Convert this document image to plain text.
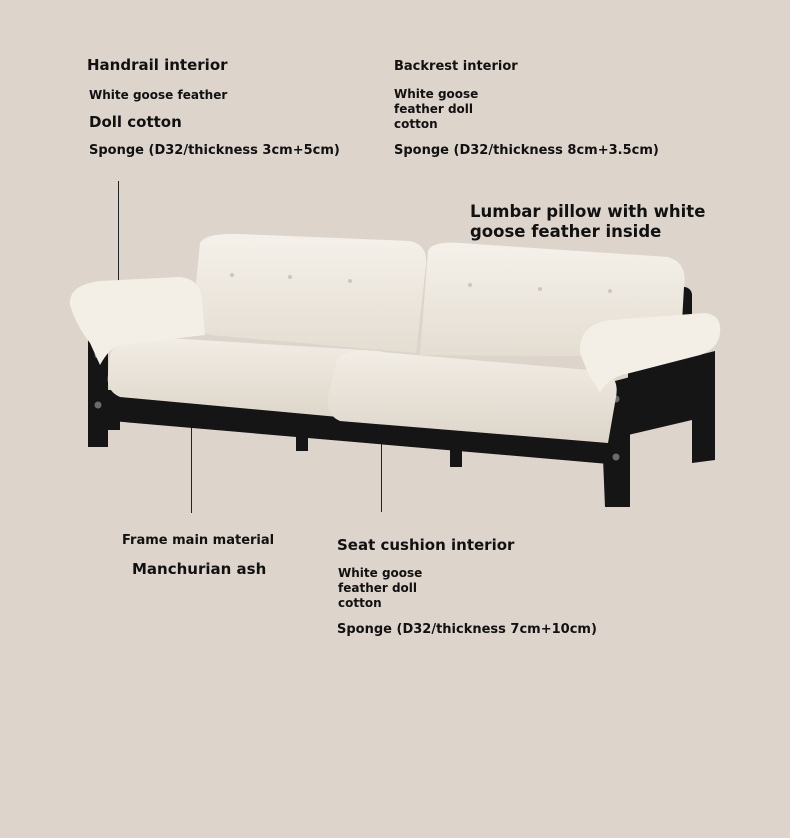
Handrail interior
White goose feather
Doll cotton
Sponge (D32/thickness 3cm+5cm)
Backrest interior
White goose
feather doll
cotton
Sponge (D32/thickness 8cm+3.5cm)
Lumbar pillow with white
goose feather inside
Frame main material
Manchurian ash
Seat cushion interior
White goose
feather doll
cotton
Sponge (D32/thickness 7cm+10cm)
